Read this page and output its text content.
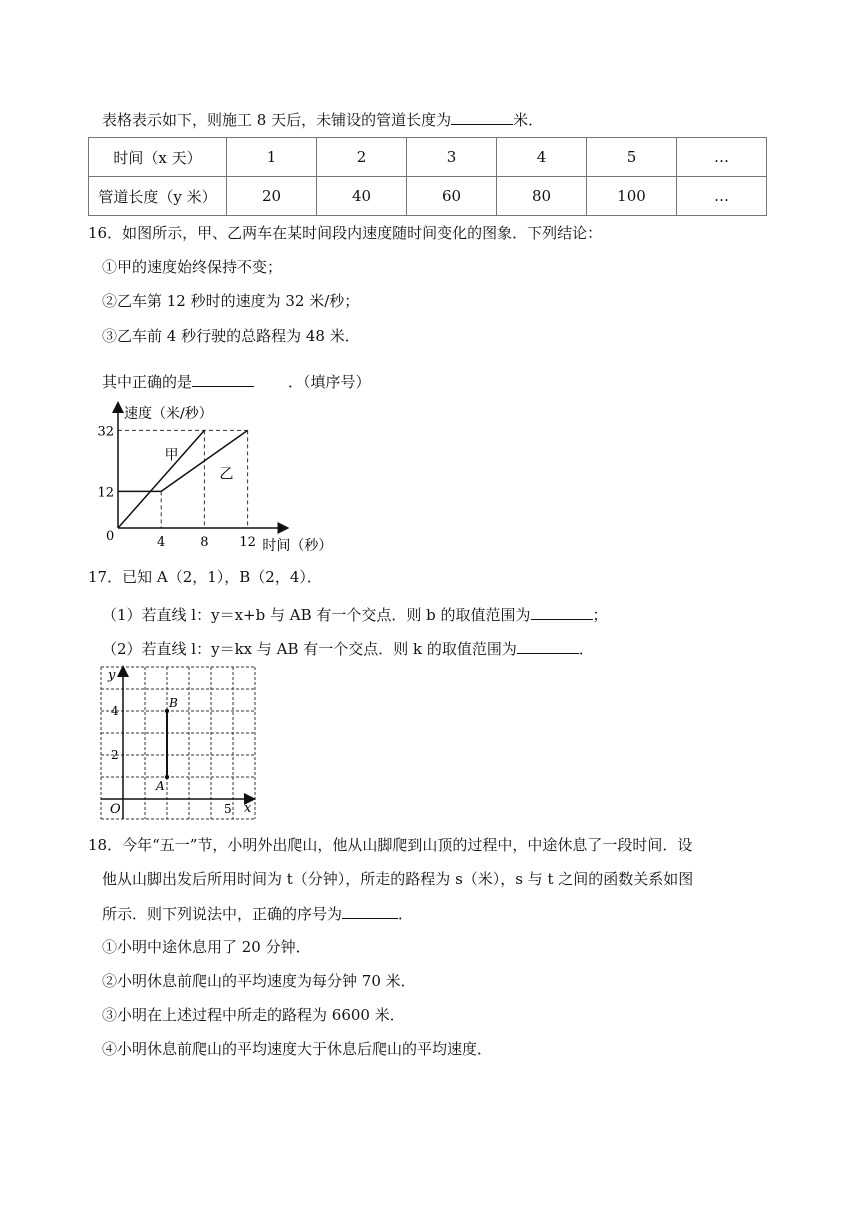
表格表示如下，则施工 8 天后，未铺设的管道长度为	米．
时间（x 天）	1	2	3	4	5	…
管道长度（y 米）	20	40	60	80	100	…
16．如图所示，甲、乙两车在某时间段内速度随时间变化的图象．下列结论：
①甲的速度始终保持不变；
②乙车第 12 秒时的速度为 32 米/秒；
③乙车前 4 秒行驶的总路程为 48 米．
其中正确的是	．（填序号）
速度（米/秒）
时间（秒）
0	4	8 12
12
32
甲
乙
17．已知 A（2，1），B（2，4）．
（1）若直线 l：y＝x+b 与 AB 有一个交点．则 b 的取值范围为	；
（2）若直线 l：y＝kx 与 AB 有一个交点．则 k 的取值范围为	．
y
x
O	5
2
4
A
B
18．今年“五一”节，小明外出爬山，他从山脚爬到山顶的过程中，中途休息了一段时间．设
他从山脚出发后所用时间为 t（分钟），所走的路程为 s（米），s 与 t 之间的函数关系如图
所示．则下列说法中，正确的序号为	．
①小明中途休息用了 20 分钟．
②小明休息前爬山的平均速度为每分钟 70 米．
③小明在上述过程中所走的路程为 6600 米．
④小明休息前爬山的平均速度大于休息后爬山的平均速度．
